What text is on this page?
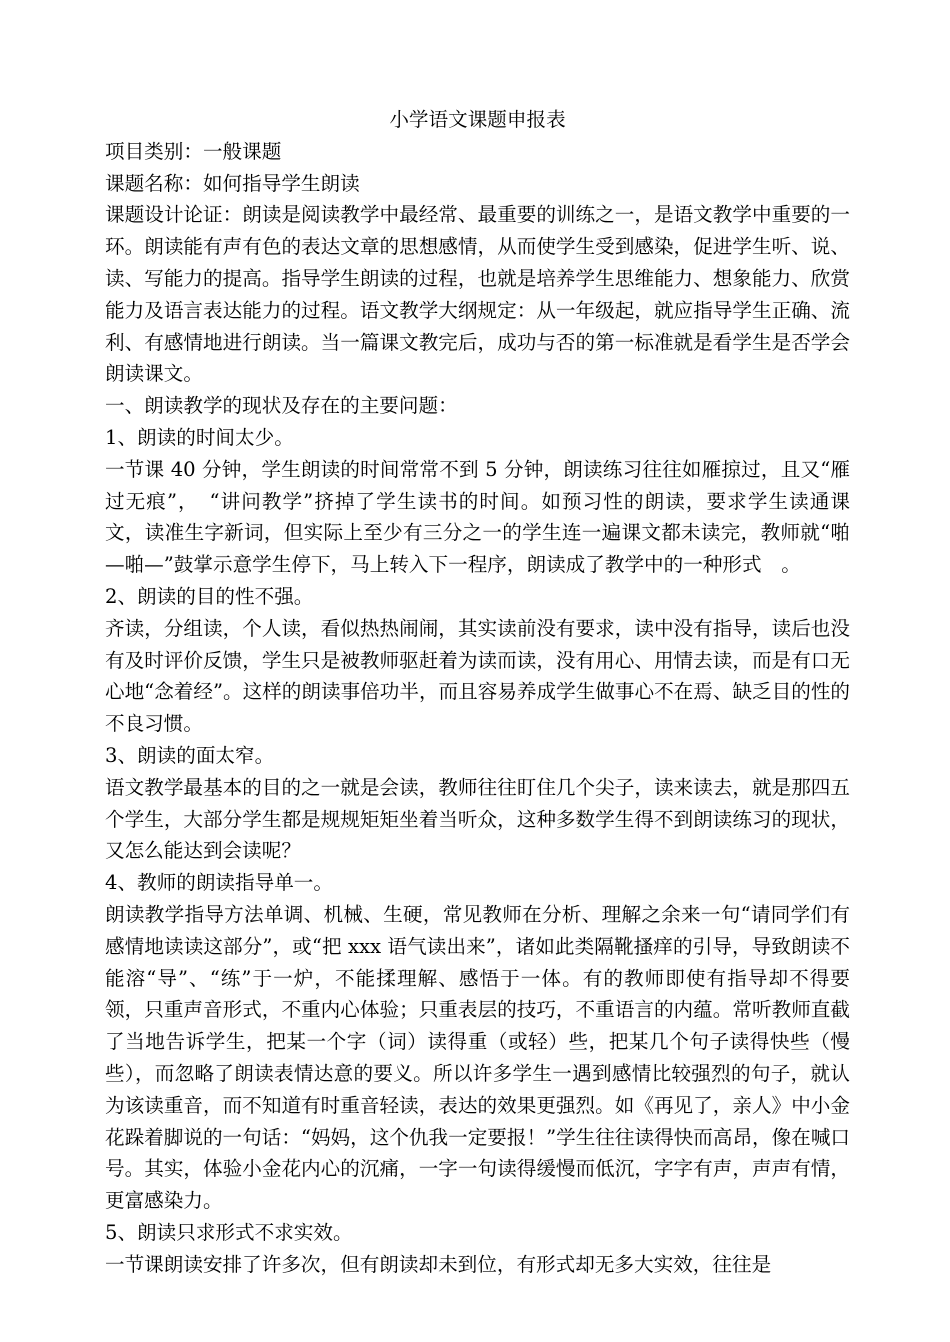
小学语文课题申报表

项目类别：一般课题

课题名称：如何指导学生朗读

课题设计论证：朗读是阅读教学中最经常、最重要的训练之一，是语文教学中重要的一环。朗读能有声有色的表达文章的思想感情，从而使学生受到感染，促进学生听、说、读、写能力的提高。指导学生朗读的过程，也就是培养学生思维能力、想象能力、欣赏能力及语言表达能力的过程。语文教学大纲规定：从一年级起，就应指导学生正确、流利、有感情地进行朗读。当一篇课文教完后，成功与否的第一标准就是看学生是否学会朗读课文。

一、朗读教学的现状及存在的主要问题：

1、朗读的时间太少。

一节课 40 分钟，学生朗读的时间常常不到 5 分钟，朗读练习往往如雁掠过，且又“雁过无痕”，　“讲问教学”挤掉了学生读书的时间。如预习性的朗读，要求学生读通课文，读准生字新词，但实际上至少有三分之一的学生连一遍课文都未读完，教师就“啪—啪—”鼓掌示意学生停下，马上转入下一程序，朗读成了教学中的一种形式　。

2、朗读的目的性不强。

齐读，分组读，个人读，看似热热闹闹，其实读前没有要求，读中没有指导，读后也没有及时评价反馈，学生只是被教师驱赶着为读而读，没有用心、用情去读，而是有口无心地“念着经”。这样的朗读事倍功半，而且容易养成学生做事心不在焉、缺乏目的性的不良习惯。

3、朗读的面太窄。

语文教学最基本的目的之一就是会读，教师往往盯住几个尖子，读来读去，就是那四五个学生，大部分学生都是规规矩矩坐着当听众，这种多数学生得不到朗读练习的现状，又怎么能达到会读呢？

4、教师的朗读指导单一。

朗读教学指导方法单调、机械、生硬，常见教师在分析、理解之余来一句“请同学们有感情地读读这部分”，或“把 xxx 语气读出来”，诸如此类隔靴搔痒的引导，导致朗读不能溶“导”、“练”于一炉，不能揉理解、感悟于一体。有的教师即使有指导却不得要领，只重声音形式，不重内心体验；只重表层的技巧，不重语言的内蕴。常听教师直截了当地告诉学生，把某一个字（词）读得重（或轻）些，把某几个句子读得快些（慢些），而忽略了朗读表情达意的要义。所以许多学生一遇到感情比较强烈的句子，就认为该读重音，而不知道有时重音轻读，表达的效果更强烈。如《再见了，亲人》中小金花跺着脚说的一句话：“妈妈，这个仇我一定要报！”学生往往读得快而高昂，像在喊口号。其实，体验小金花内心的沉痛，一字一句读得缓慢而低沉，字字有声，声声有情，更富感染力。

5、朗读只求形式不求实效。

一节课朗读安排了许多次，但有朗读却未到位，有形式却无多大实效，往往是
